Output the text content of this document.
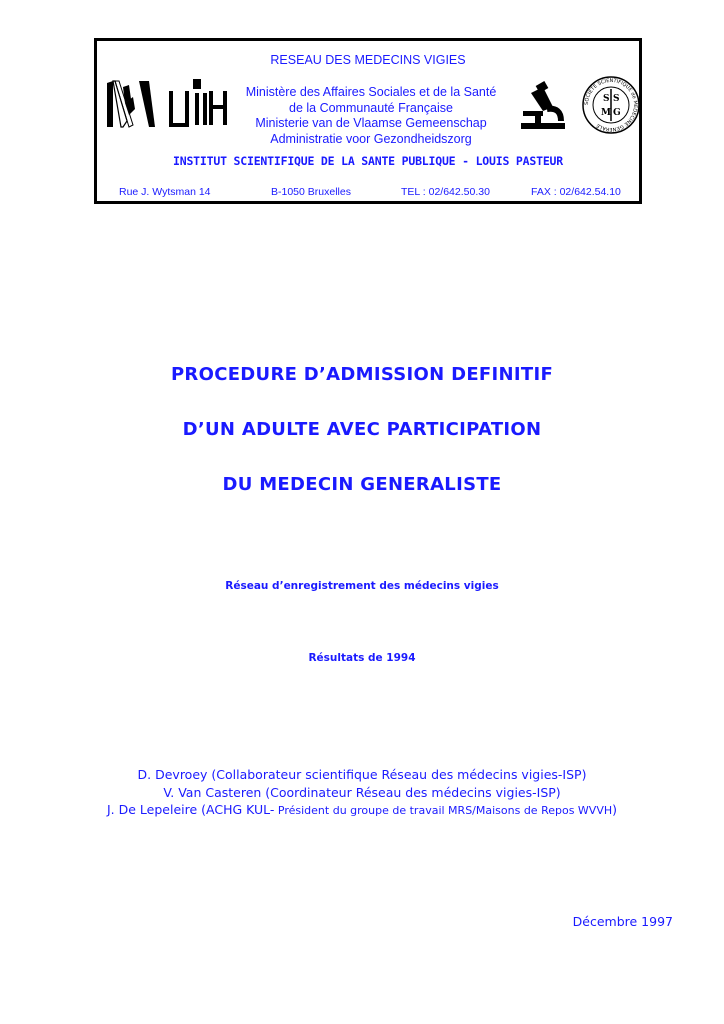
RESEAU DES MEDECINS VIGIES
Ministère des Affaires Sociales et de la Santé
de la Communauté Française
Ministerie van de Vlaamse Gemeenschap
Administratie voor Gezondheidszorg
SOCIETE SCIENTIFIQUE de MEDECINE GENERALE
S S
M G
INSTITUT SCIENTIFIQUE DE LA SANTE PUBLIQUE - LOUIS PASTEUR
Rue J. Wytsman 14	B-1050 Bruxelles	TEL : 02/642.50.30	FAX : 02/642.54.10
PROCEDURE D’ADMISSION DEFINITIF
D’UN ADULTE AVEC PARTICIPATION
DU MEDECIN GENERALISTE
Réseau d’enregistrement des médecins vigies
Résultats de 1994
D. Devroey (Collaborateur scientifique Réseau des médecins vigies-ISP)
V. Van Casteren (Coordinateur Réseau des médecins vigies-ISP)
J. De Lepeleire (ACHG KUL- Président du groupe de travail MRS/Maisons de Repos WVVH)
Décembre 1997
